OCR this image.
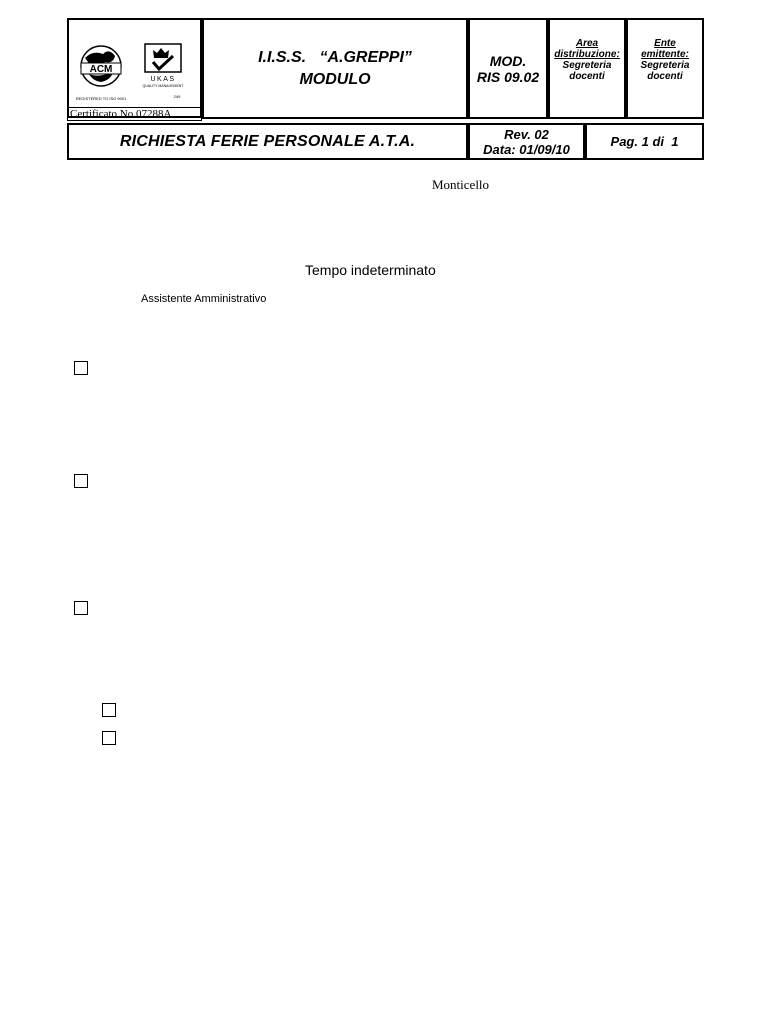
ACM
UKAS
QUALITY MANAGEMENT
249
REGISTERED TO ISO 9001
Certificato No.07288A
I.I.S.S.   “A.GREPPI”
MODULO
MOD.
RIS 09.02
Area
distribuzione:
Segreteria
docenti
Ente
emittente:
Segreteria
docenti
RICHIESTA FERIE PERSONALE A.T.A.	Rev. 02
Data: 01/09/10	Pag. 1 di  1
Monticello
Tempo indeterminato
Assistente Amministrativo
